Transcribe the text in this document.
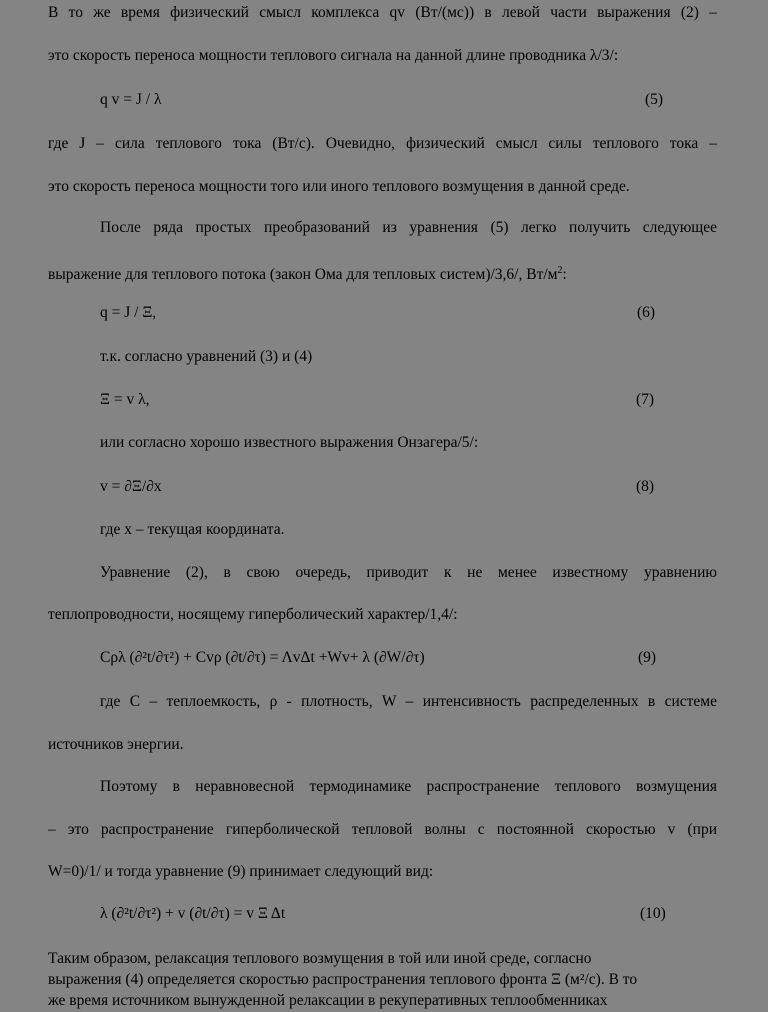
В то же время физический смысл комплекса qv (Вт/(мс)) в левой части выражения (2) –
это скорость переноса мощности теплового сигнала на данной длине проводника λ/3/:
q v = J / λ	(5)
где J – сила теплового тока (Вт/с). Очевидно, физический смысл силы теплового тока –
это скорость переноса мощности того или иного теплового возмущения в данной среде.
После ряда простых преобразований из уравнения (5) легко получить следующее
выражение для теплового потока (закон Ома для тепловых систем)/3,6/, $Вт/м^2$:
q = J / Ξ,	(6)
т.к. согласно уравнений (3) и (4)
Ξ = v λ,	(7)
или согласно хорошо известного выражения Онзагера/5/:
v = ∂Ξ/∂x	(8)
где x – текущая координата.
Уравнение (2), в свою очередь, приводит к не менее известному уравнению
теплопроводности, носящему гиперболический характер/1,4/:
Cρλ (∂²t/∂τ²) + Cvρ (∂t/∂τ) = ΛvΔt +Wv+ λ (∂W/∂τ)	(9)
где C – теплоемкость, ρ - плотность, W – интенсивность распределенных в системе
источников энергии.
Поэтому в неравновесной термодинамике распространение теплового возмущения
– это распространение гиперболической тепловой волны с постоянной скоростью v (при
W=0)/1/ и тогда уравнение (9) принимает следующий вид:
λ (∂²t/∂τ²) + v (∂t/∂τ) = v Ξ Δt	(10)
Таким образом, релаксация теплового возмущения в той или иной среде, согласно
выражения (4) определяется скоростью распространения теплового фронта Ξ (м²/с). В то
же время источником вынужденной релаксации в рекуперативных теплообменниках
